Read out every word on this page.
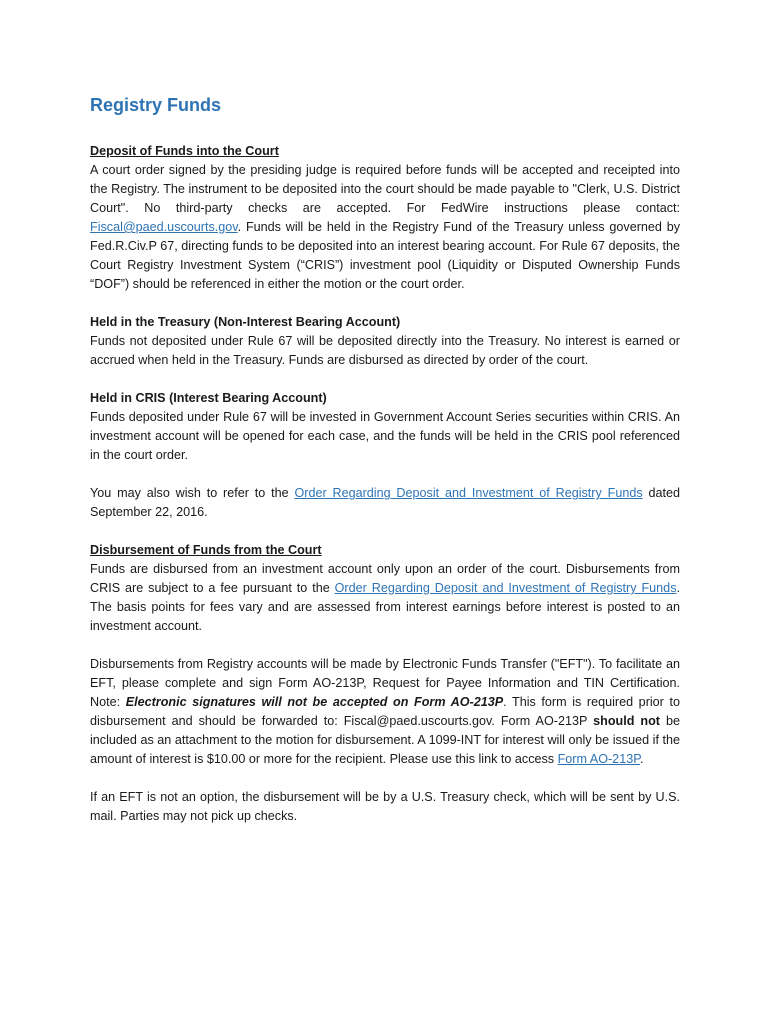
Registry Funds
Deposit of Funds into the Court

A court order signed by the presiding judge is required before funds will be accepted and receipted into the Registry. The instrument to be deposited into the court should be made payable to "Clerk, U.S. District Court". No third-party checks are accepted. For FedWire instructions please contact: Fiscal@paed.uscourts.gov. Funds will be held in the Registry Fund of the Treasury unless governed by Fed.R.Civ.P 67, directing funds to be deposited into an interest bearing account. For Rule 67 deposits, the Court Registry Investment System (“CRIS”) investment pool (Liquidity or Disputed Ownership Funds “DOF”) should be referenced in either the motion or the court order.

Held in the Treasury (Non-Interest Bearing Account)

Funds not deposited under Rule 67 will be deposited directly into the Treasury. No interest is earned or accrued when held in the Treasury. Funds are disbursed as directed by order of the court.

Held in CRIS (Interest Bearing Account)

Funds deposited under Rule 67 will be invested in Government Account Series securities within CRIS. An investment account will be opened for each case, and the funds will be held in the CRIS pool referenced in the court order.

You may also wish to refer to the Order Regarding Deposit and Investment of Registry Funds dated September 22, 2016.

Disbursement of Funds from the Court

Funds are disbursed from an investment account only upon an order of the court. Disbursements from CRIS are subject to a fee pursuant to the Order Regarding Deposit and Investment of Registry Funds. The basis points for fees vary and are assessed from interest earnings before interest is posted to an investment account.

Disbursements from Registry accounts will be made by Electronic Funds Transfer ("EFT"). To facilitate an EFT, please complete and sign Form AO-213P, Request for Payee Information and TIN Certification. Note: Electronic signatures will not be accepted on Form AO-213P. This form is required prior to disbursement and should be forwarded to: Fiscal@paed.uscourts.gov. Form AO-213P should not be included as an attachment to the motion for disbursement. A 1099-INT for interest will only be issued if the amount of interest is $10.00 or more for the recipient. Please use this link to access Form AO-213P.

If an EFT is not an option, the disbursement will be by a U.S. Treasury check, which will be sent by U.S. mail. Parties may not pick up checks.
